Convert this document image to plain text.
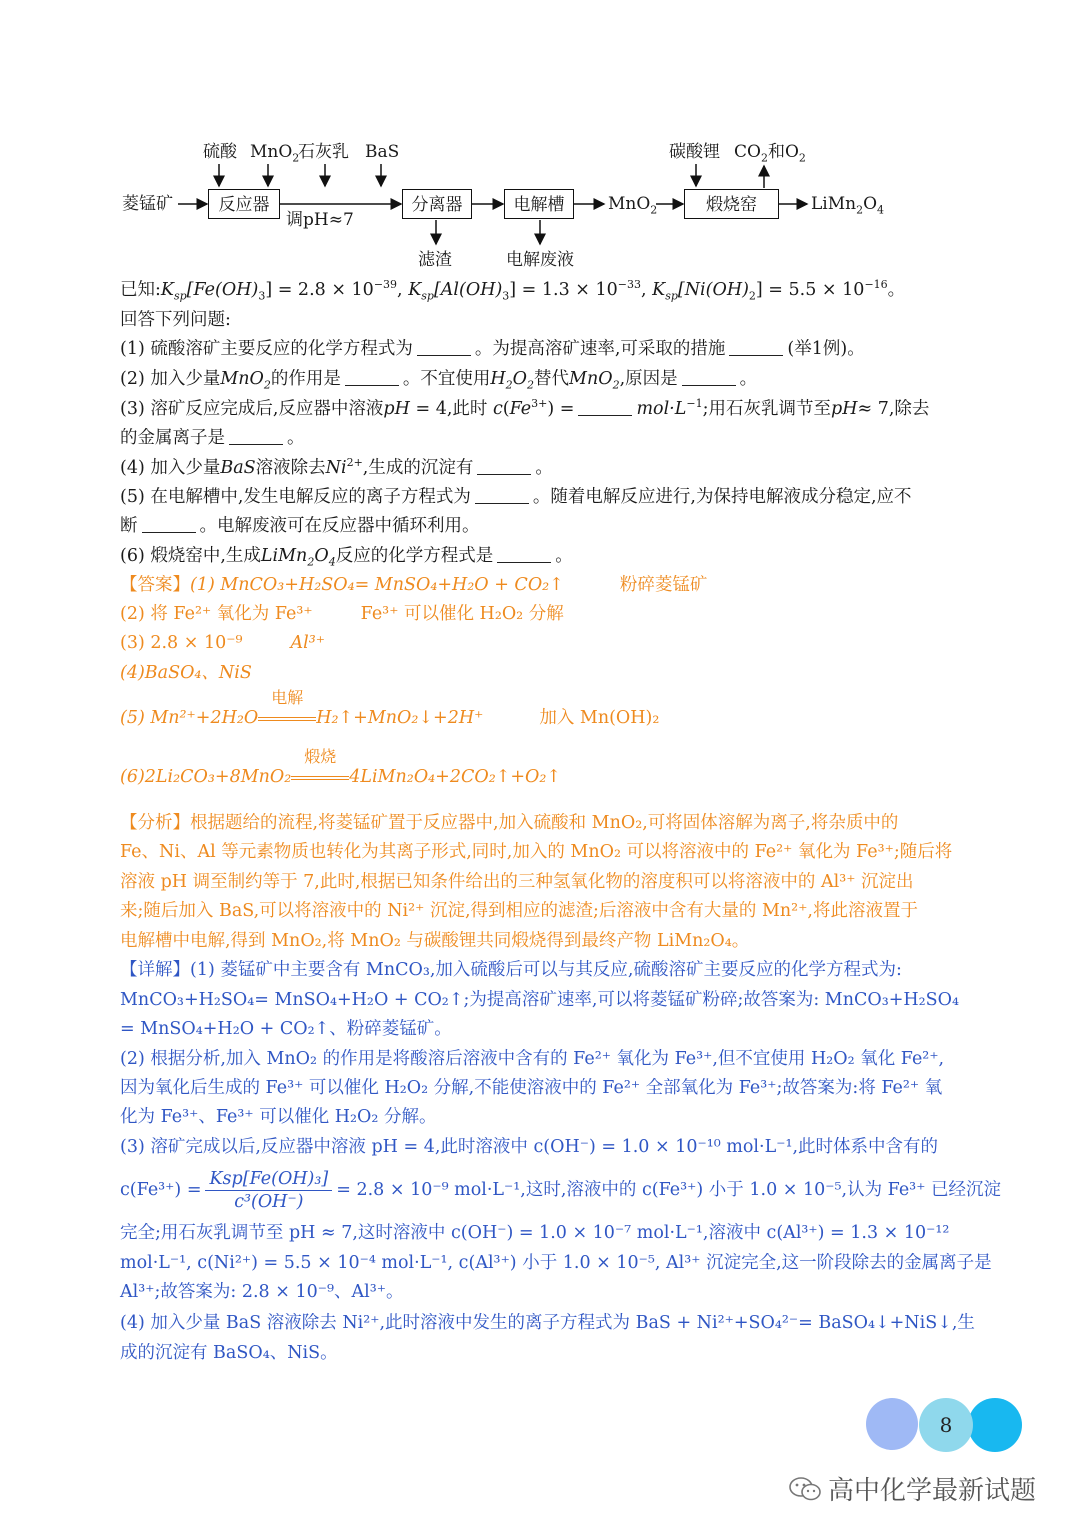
硫酸 MnO$_2$
石灰乳 BaS	碳酸锂 $CO_2$和$O_2$
菱锰矿	反应器
调pH≈7
分离器	电解槽	MnO$_2$	煅烧窑	$LiMn_2O_4$
滤渣	电解废液
已知$:K_{sp}[Fe(OH)_3] = 2.8 \times 10^{-39}$, $K_{sp}[Al(OH)_3] = 1.3 \times 10^{-33}$, $K_{sp}[Ni(OH)_2] = 5.5 \times 10^{-16}$。
回答下列问题:
(1) 硫酸溶矿主要反应的化学方程式为	。为提高溶矿速率,可采取的措施	(举1例)。
(2) 加入少量MnO$_2$的作用是	。不宜使用$H_2O_2$替代MnO$_2$,原因是	。
(3) 溶矿反应完成后,反应器中溶液pH = 4,此时 $c(Fe^{3+})$ =	$mol\cdot L^{-1}$;用石灰乳调节至pH≈ 7,除去
的金属离子是	。
(4) 加入少量BaS溶液除去$Ni^{2+}$,生成的沉淀有	。
(5) 在电解槽中,发生电解反应的离子方程式为	。随着电解反应进行,为保持电解液成分稳定,应不
断	。电解废液可在反应器中循环利用。
(6) 煅烧窑中,生成$LiMn_2O_4$反应的化学方程式是	。
【答案】(1) MnCO₃+H₂SO₄= MnSO₄+H₂O + CO₂↑	粉碎菱锰矿
(2) 将 Fe²⁺ 氧化为 Fe³⁺	Fe³⁺ 可以催化 H₂O₂ 分解
(3) 2.8 × 10⁻⁹	Al³⁺
(4)BaSO₄、NiS
(5) Mn²⁺+2H₂O
电解
H₂↑+MnO₂↓+2H⁺	加入 Mn(OH)₂
(6)2Li₂CO₃+8MnO₂
煅烧
4LiMn₂O₄+2CO₂↑+O₂↑
【分析】根据题给的流程,将菱锰矿置于反应器中,加入硫酸和 MnO₂,可将固体溶解为离子,将杂质中的
Fe、Ni、Al 等元素物质也转化为其离子形式,同时,加入的 MnO₂ 可以将溶液中的 Fe²⁺ 氧化为 Fe³⁺;随后将
溶液 pH 调至制约等于 7,此时,根据已知条件给出的三种氢氧化物的溶度积可以将溶液中的 Al³⁺ 沉淀出
来;随后加入 BaS,可以将溶液中的 Ni²⁺ 沉淀,得到相应的滤渣;后溶液中含有大量的 Mn²⁺,将此溶液置于
电解槽中电解,得到 MnO₂,将 MnO₂ 与碳酸锂共同煅烧得到最终产物 LiMn₂O₄。
【详解】(1) 菱锰矿中主要含有 MnCO₃,加入硫酸后可以与其反应,硫酸溶矿主要反应的化学方程式为:
MnCO₃+H₂SO₄= MnSO₄+H₂O + CO₂↑;为提高溶矿速率,可以将菱锰矿粉碎;故答案为: MnCO₃+H₂SO₄
= MnSO₄+H₂O + CO₂↑、粉碎菱锰矿。
(2) 根据分析,加入 MnO₂ 的作用是将酸溶后溶液中含有的 Fe²⁺ 氧化为 Fe³⁺,但不宜使用 H₂O₂ 氧化 Fe²⁺,
因为氧化后生成的 Fe³⁺ 可以催化 H₂O₂ 分解,不能使溶液中的 Fe²⁺ 全部氧化为 Fe³⁺;故答案为:将 Fe²⁺ 氧
化为 Fe³⁺、Fe³⁺ 可以催化 H₂O₂ 分解。
(3) 溶矿完成以后,反应器中溶液 pH = 4,此时溶液中 c(OH⁻) = 1.0 × 10⁻¹⁰ mol·L⁻¹,此时体系中含有的
$c(Fe^{3+}) = \frac{\text{Ksp[Fe(OH)₃]}}{\text{c³(OH⁻)}} = 2.8 \times 10^{-9}$ mol·L⁻¹,这时,溶液中的 c(Fe³⁺) 小于 1.0 × 10⁻⁵,认为 Fe³⁺ 已经沉淀
完全;用石灰乳调节至 pH ≈ 7,这时溶液中 c(OH⁻) = 1.0 × 10⁻⁷ mol·L⁻¹,溶液中 c(Al³⁺) = 1.3 × 10⁻¹²
mol·L⁻¹, c(Ni²⁺) = 5.5 × 10⁻⁴ mol·L⁻¹, c(Al³⁺) 小于 1.0 × 10⁻⁵, Al³⁺ 沉淀完全,这一阶段除去的金属离子是
Al³⁺;故答案为: 2.8 × 10⁻⁹、Al³⁺。
(4) 加入少量 BaS 溶液除去 Ni²⁺,此时溶液中发生的离子方程式为 BaS + Ni²⁺+SO₄²⁻= BaSO₄↓+NiS↓,生
成的沉淀有 BaSO₄、NiS。
8
高中化学最新试题
